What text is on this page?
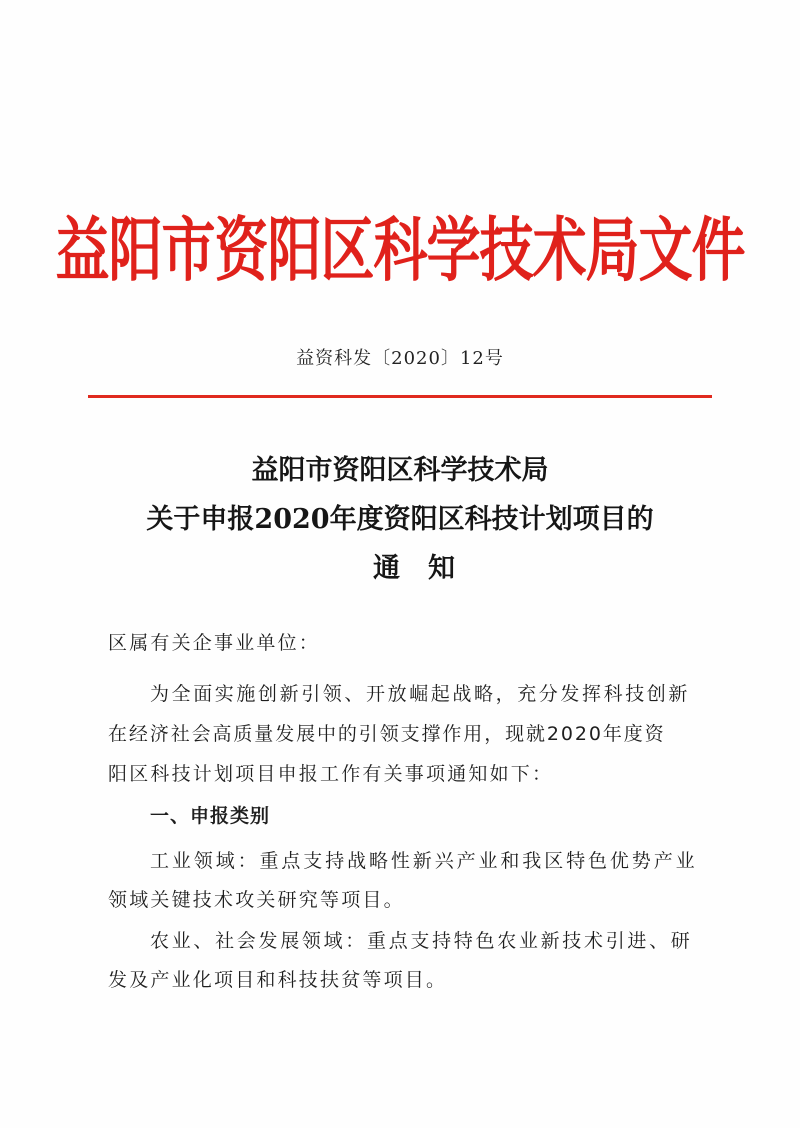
益阳市资阳区科学技术局文件
益资科发〔2020〕12号
益阳市资阳区科学技术局
关于申报2020年度资阳区科技计划项目的
通知
区属有关企事业单位：
为全面实施创新引领、开放崛起战略，充分发挥科技创新
在经济社会高质量发展中的引领支撑作用，现就2020年度资
阳区科技计划项目申报工作有关事项通知如下：
一、申报类别
工业领域：重点支持战略性新兴产业和我区特色优势产业
领域关键技术攻关研究等项目。
农业、社会发展领域：重点支持特色农业新技术引进、研
发及产业化项目和科技扶贫等项目。
